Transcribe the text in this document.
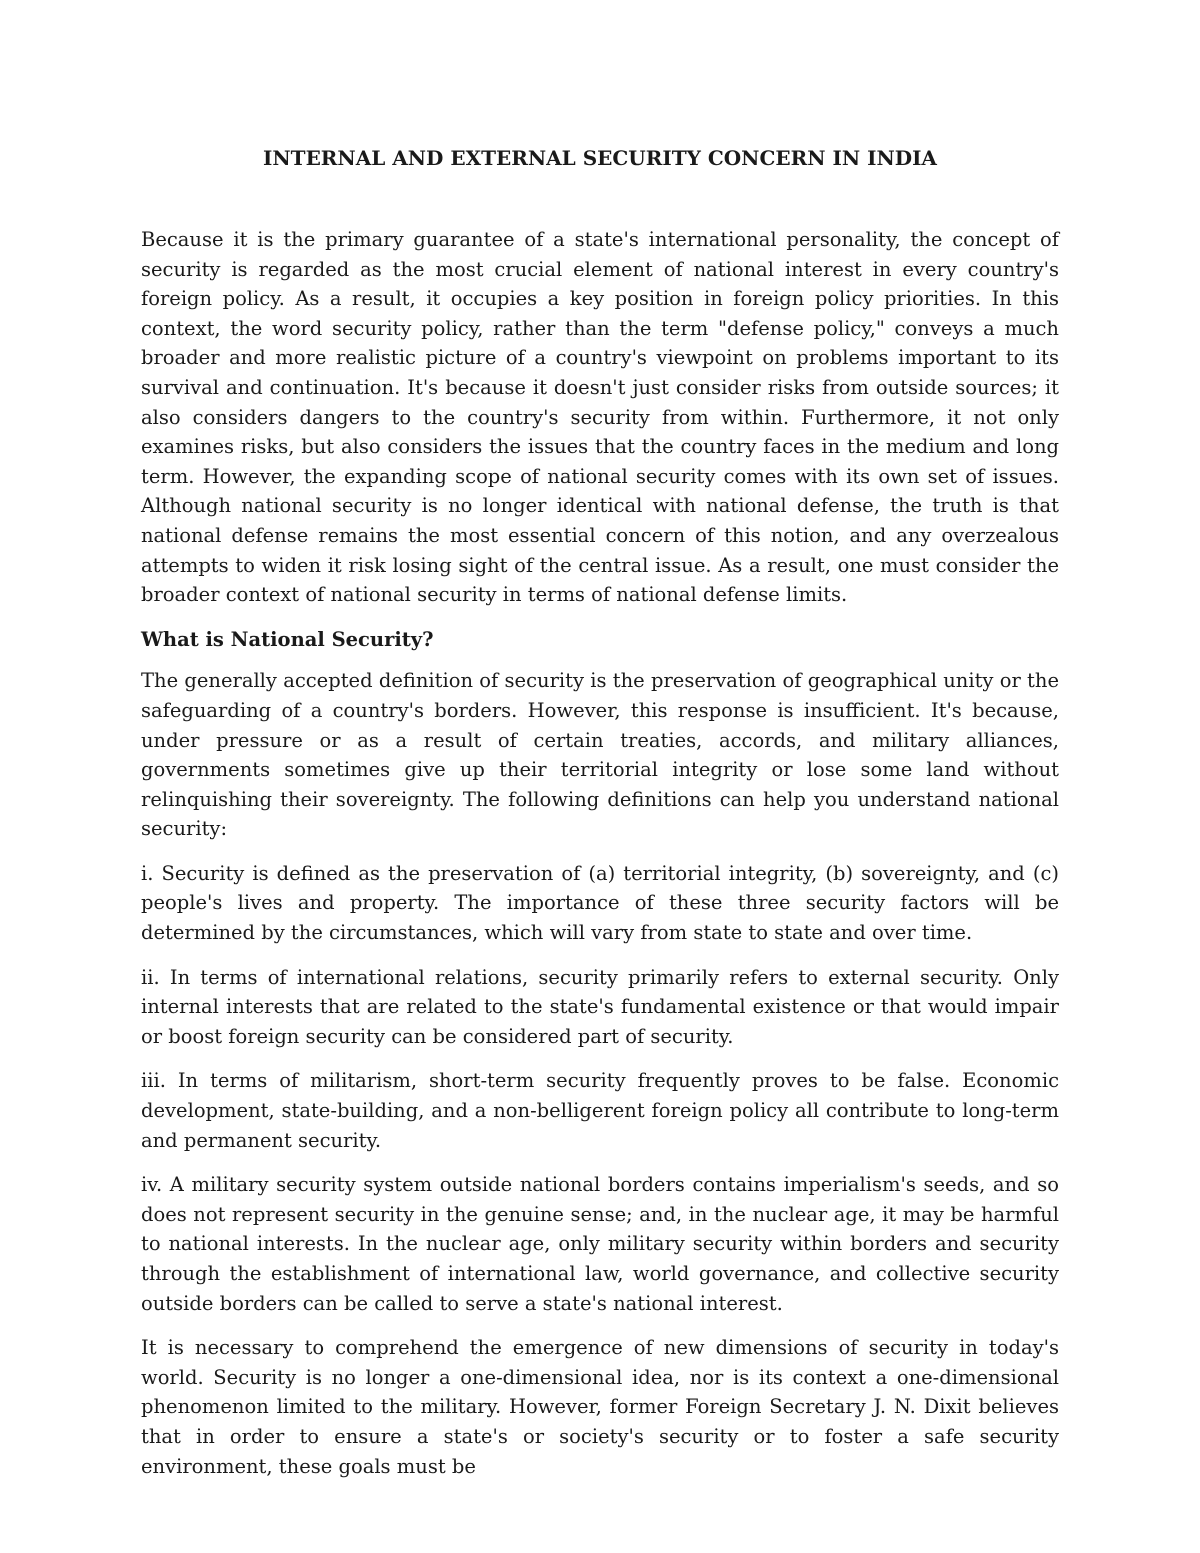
INTERNAL AND EXTERNAL SECURITY CONCERN IN INDIA

Because it is the primary guarantee of a state's international personality, the concept of security is regarded as the most crucial element of national interest in every country's foreign policy. As a result, it occupies a key position in foreign policy priorities. In this context, the word security policy, rather than the term "defense policy," conveys a much broader and more realistic picture of a country's viewpoint on problems important to its survival and continuation. It's because it doesn't just consider risks from outside sources; it also considers dangers to the country's security from within. Furthermore, it not only examines risks, but also considers the issues that the country faces in the medium and long term. However, the expanding scope of national security comes with its own set of issues. Although national security is no longer identical with national defense, the truth is that national defense remains the most essential concern of this notion, and any overzealous attempts to widen it risk losing sight of the central issue. As a result, one must consider the broader context of national security in terms of national defense limits.

What is National Security?

The generally accepted definition of security is the preservation of geographical unity or the safeguarding of a country's borders. However, this response is insufficient. It's because, under pressure or as a result of certain treaties, accords, and military alliances, governments sometimes give up their territorial integrity or lose some land without relinquishing their sovereignty. The following definitions can help you understand national security:

i. Security is defined as the preservation of (a) territorial integrity, (b) sovereignty, and (c) people's lives and property. The importance of these three security factors will be determined by the circumstances, which will vary from state to state and over time.

ii. In terms of international relations, security primarily refers to external security. Only internal interests that are related to the state's fundamental existence or that would impair or boost foreign security can be considered part of security.

iii. In terms of militarism, short-term security frequently proves to be false. Economic development, state-building, and a non-belligerent foreign policy all contribute to long-term and permanent security.

iv. A military security system outside national borders contains imperialism's seeds, and so does not represent security in the genuine sense; and, in the nuclear age, it may be harmful to national interests. In the nuclear age, only military security within borders and security through the establishment of international law, world governance, and collective security outside borders can be called to serve a state's national interest.

It is necessary to comprehend the emergence of new dimensions of security in today's world. Security is no longer a one-dimensional idea, nor is its context a one-dimensional phenomenon limited to the military. However, former Foreign Secretary J. N. Dixit believes that in order to ensure a state's or society's security or to foster a safe security environment, these goals must be
